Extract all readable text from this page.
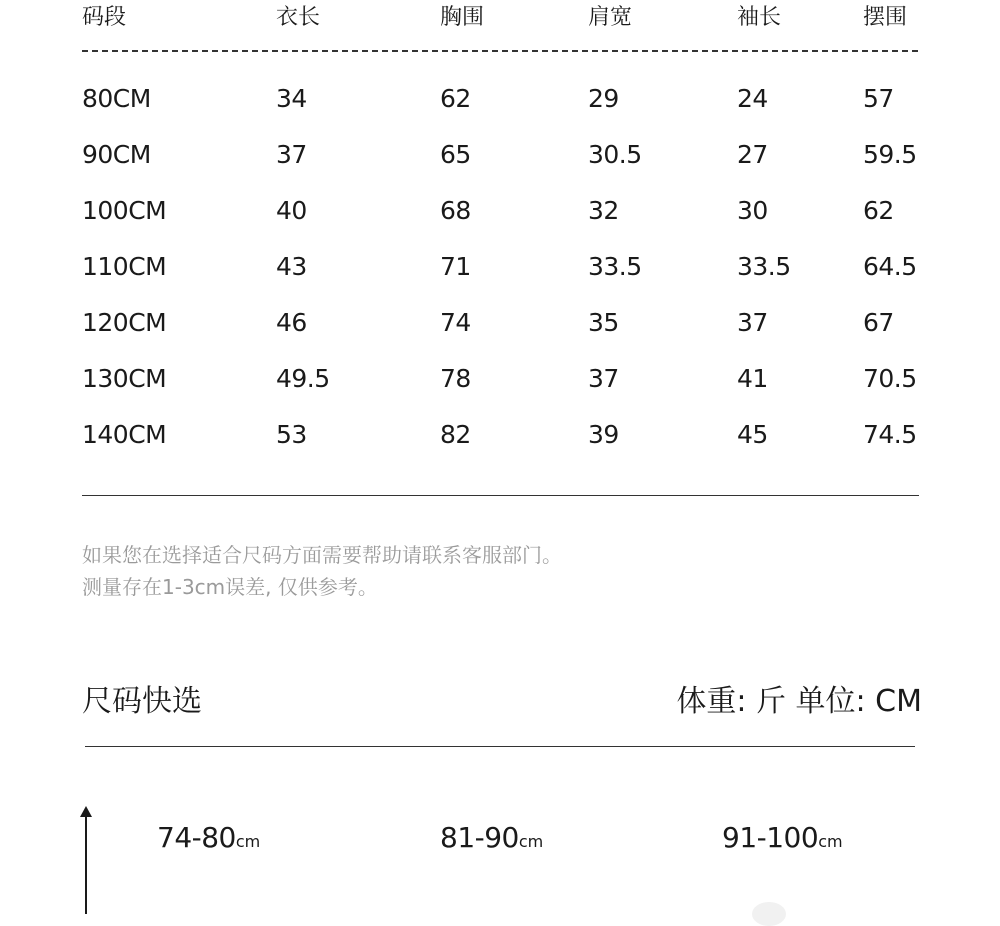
码段	衣长	胸围	肩宽	袖长	摆围
80CM	34	62	29	24	57
90CM	37	65	30.5	27	59.5
100CM	40	68	32	30	62
110CM	43	71	33.5	33.5	64.5
120CM	46	74	35	37	67
130CM	49.5	78	37	41	70.5
140CM	53	82	39	45	74.5
如果您在选择适合尺码方面需要帮助请联系客服部门。
测量存在1-3cm误差, 仅供参考。
尺码快选	体重: 斤 单位: CM
74-80cm	81-90cm	91-100cm
